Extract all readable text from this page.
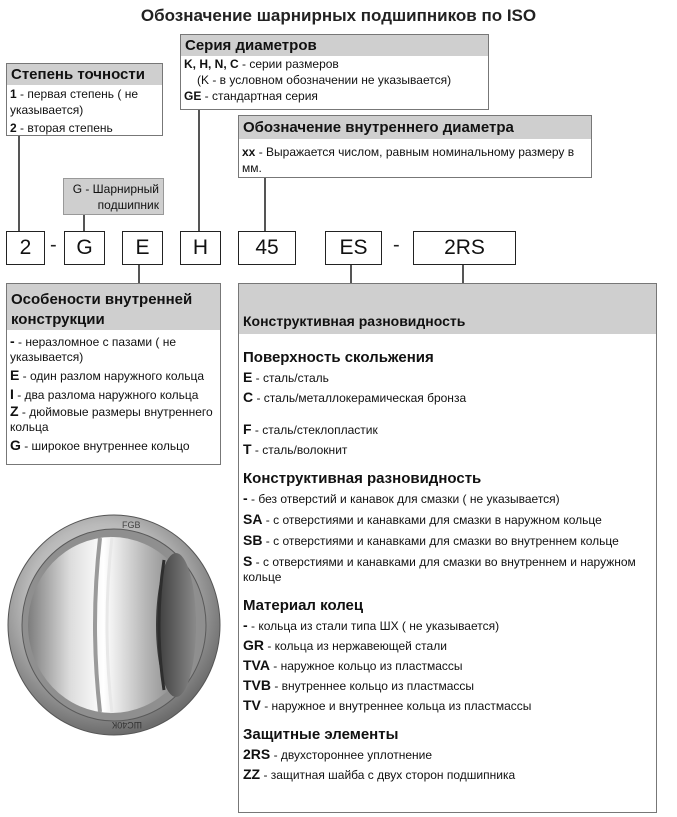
Обозначение шарнирных подшипников по ISO
Степень точности
1 - первая степень ( не указывается)
2 - вторая степень
Серия диаметров
K, H, N, C - серии размеров
(K - в условном обозначении не указывается)
GE - стандартная серия
Обозначение внутреннего диаметра
xx - Выражается числом, равным номинальному размеру в мм.
G - Шарнирный подшипник
2 - G	E	H	45	ES	-	2RS
Особености внутренней конструкции
- - неразломное с пазами ( не указывается)
E - один разлом наружного кольца
I - два разлома наружного кольца
Z - дюймовые размеры внутреннего кольца
G - широкое внутреннее кольцо
Конструктивная разновидность
Поверхность скольжения
E - сталь/сталь
C - сталь/металлокерамическая бронза
F - сталь/стеклопластик
T - сталь/волокнит
Конструктивная разновидность
- - без отверстий и канавок для смазки ( не указывается)
SA - с отверстиями и канавками для смазки в наружном кольце
SB - с отверстиями и канавками для смазки во внутреннем кольце
S - с отверстиями и канавками для смазки во внутреннем и наружном кольце
Материал колец
- - кольца из стали типа ШХ ( не указывается)
GR - кольца из нержавеющей стали
TVA - наружное кольцо из пластмассы
TVB - внутреннее кольцо из пластмассы
TV - наружное и внутреннее кольца из пластмассы
Защитные элементы
2RS - двухстороннее уплотнение
ZZ - защитная шайба с двух сторон подшипника
FGB
ШС40К
